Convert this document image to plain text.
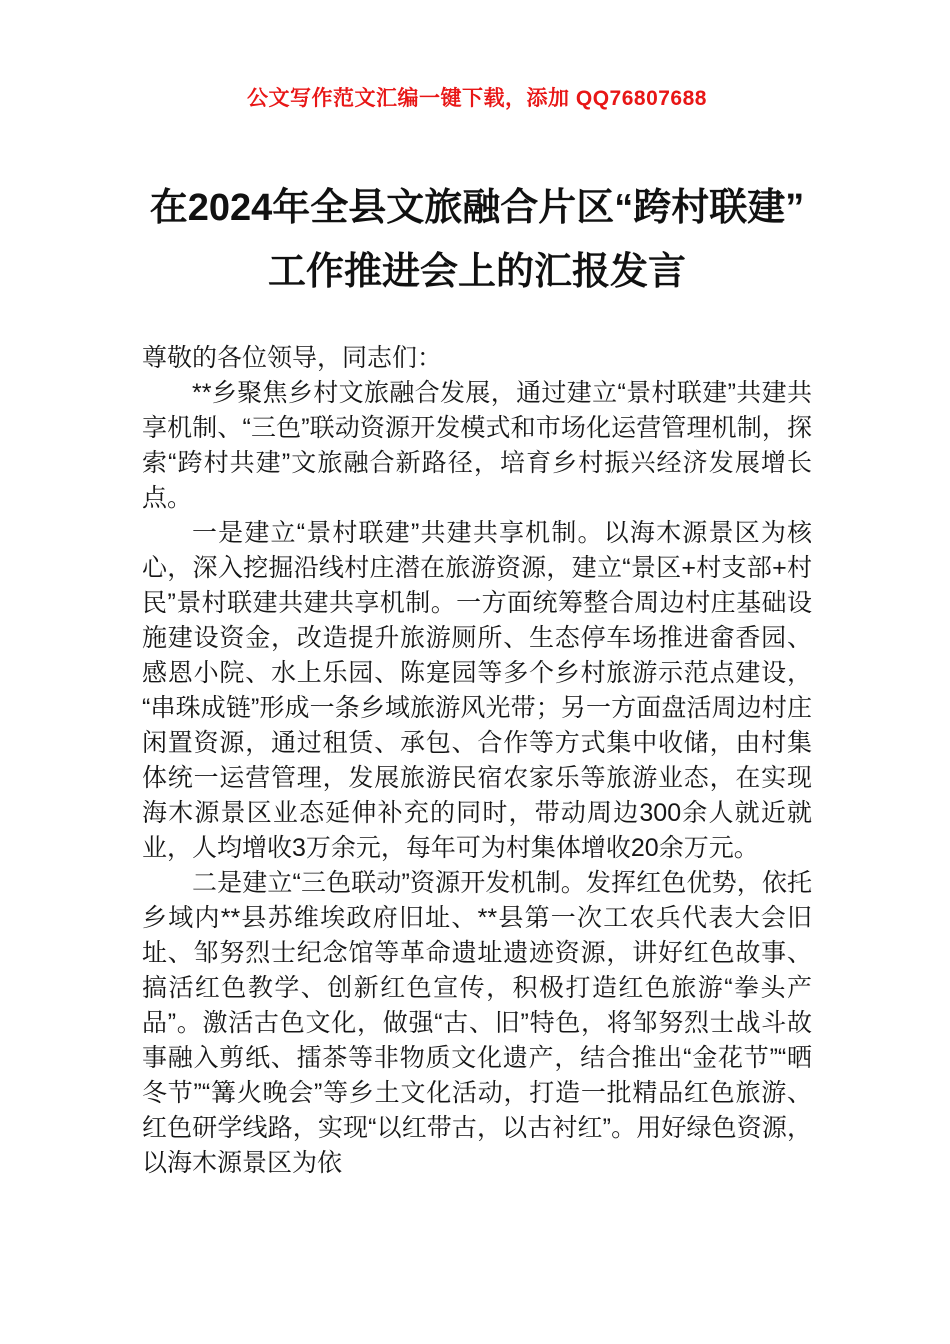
公文写作范文汇编一键下载，添加 QQ76807688
在2024年全县文旅融合片区“跨村联建”
工作推进会上的汇报发言

尊敬的各位领导，同志们：

**乡聚焦乡村文旅融合发展，通过建立“景村联建”共建共享机制、“三色”联动资源开发模式和市场化运营管理机制，探索“跨村共建”文旅融合新路径，培育乡村振兴经济发展增长点。

一是建立“景村联建”共建共享机制。以海木源景区为核心，深入挖掘沿线村庄潜在旅游资源，建立“景区+村支部+村民”景村联建共建共享机制。一方面统筹整合周边村庄基础设施建设资金，改造提升旅游厕所、生态停车场推进畲香园、感恩小院、水上乐园、陈寔园等多个乡村旅游示范点建设，“串珠成链”形成一条乡域旅游风光带；另一方面盘活周边村庄闲置资源，通过租赁、承包、合作等方式集中收储，由村集体统一运营管理，发展旅游民宿农家乐等旅游业态，在实现海木源景区业态延伸补充的同时，带动周边300余人就近就业，人均增收3万余元，每年可为村集体增收20余万元。

二是建立“三色联动”资源开发机制。发挥红色优势，依托乡域内**县苏维埃政府旧址、**县第一次工农兵代表大会旧址、邹努烈士纪念馆等革命遗址遗迹资源，讲好红色故事、搞活红色教学、创新红色宣传，积极打造红色旅游“拳头产品”。激活古色文化，做强“古、旧”特色，将邹努烈士战斗故事融入剪纸、擂茶等非物质文化遗产，结合推出“金花节”“晒冬节”“篝火晚会”等乡土文化活动，打造一批精品红色旅游、红色研学线路，实现“以红带古，以古衬红”。用好绿色资源，以海木源景区为依
